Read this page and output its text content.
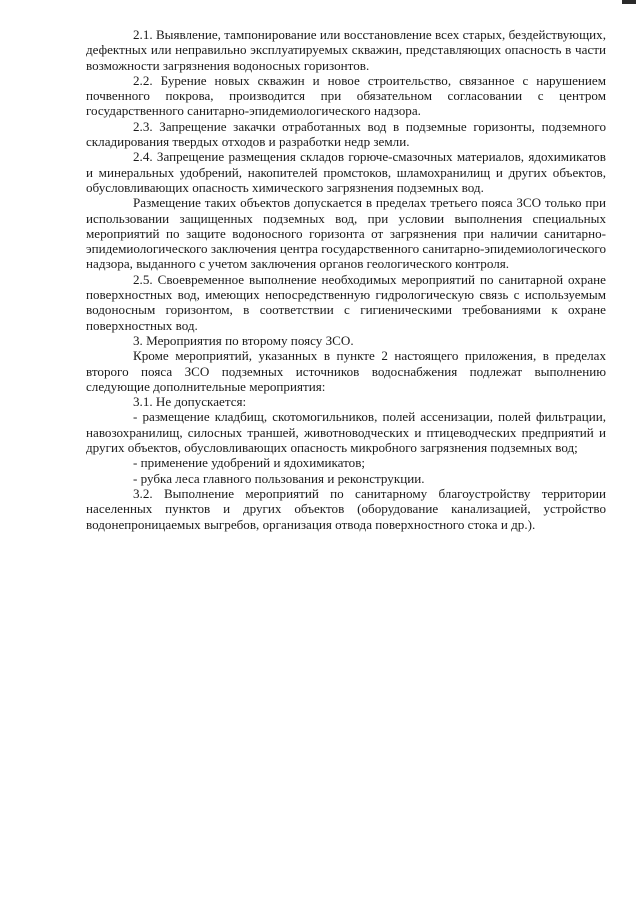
2.1. Выявление, тампонирование или восстановление всех старых, бездействующих, дефектных или неправильно эксплуатируемых скважин, представляющих опасность в части возможности загрязнения водоносных горизонтов.

2.2. Бурение новых скважин и новое строительство, связанное с нарушением почвенного покрова, производится при обязательном согласовании с центром государственного санитарно-эпидемиологического надзора.

2.3. Запрещение закачки отработанных вод в подземные горизонты, подземного складирования твердых отходов и разработки недр земли.

2.4. Запрещение размещения складов горюче-смазочных материалов, ядохимикатов и минеральных удобрений, накопителей промстоков, шламохранилищ и других объектов, обусловливающих опасность химического загрязнения подземных вод.

Размещение таких объектов допускается в пределах третьего пояса ЗСО только при использовании защищенных подземных вод, при условии выполнения специальных мероприятий по защите водоносного горизонта от загрязнения при наличии санитарно-эпидемиологического заключения центра государственного санитарно-эпидемиологического надзора, выданного с учетом заключения органов геологического контроля.

2.5. Своевременное выполнение необходимых мероприятий по санитарной охране поверхностных вод, имеющих непосредственную гидрологическую связь с используемым водоносным горизонтом, в соответствии с гигиеническими требованиями к охране поверхностных вод.

3. Мероприятия по второму поясу ЗСО.

Кроме мероприятий, указанных в пункте 2 настоящего приложения, в пределах второго пояса ЗСО подземных источников водоснабжения подлежат выполнению следующие дополнительные мероприятия:

3.1. Не допускается:

- размещение кладбищ, скотомогильников, полей ассенизации, полей фильтрации, навозохранилищ, силосных траншей, животноводческих и птицеводческих предприятий и других объектов, обусловливающих опасность микробного загрязнения подземных вод;

- применение удобрений и ядохимикатов;

- рубка леса главного пользования и реконструкции.

3.2. Выполнение мероприятий по санитарному благоустройству территории населенных пунктов и других объектов (оборудование канализацией, устройство водонепроницаемых выгребов, организация отвода поверхностного стока и др.).
